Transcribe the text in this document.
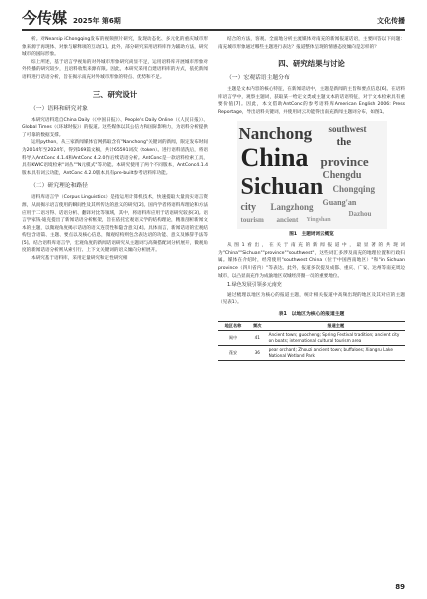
今传媒 2025年 第6期	文化传播

析。对Nearsip iChongqing发布的视频照片研究，发现动态化、多元化的重庆城市形象来源于再现体、对象与解释项的互动[1]。此外，部分研究采用语料库作为辅助方法，研究城市的国际形象。

综上所述，基于语言学视角的对外城市形象研究尚显不足，运用语料库开展城市形象对外传播的研究较少，且语料收集来源有限。因此，本研究采用自建语料库的方式，依托新闻语料进行话语分析，旨在揭示南充对外城市形象的特点、优势和不足。

三、研究设计
（一）语料和研究对象

本研究语料选自China Daily（《中国日报》）、People's Daily Online（《人民日报》）、Global Times（《环球时报》）的报道。这些媒体以其公信力和国际影响力，为语料分析提供了可靠的数据支撑。

运用python，从三家新闻媒体官网抓取含有"Nanchong"关键词的新闻，限定发布时间为2014年至2024年，得到169篇文稿，共计65591词次（token）。进行语料清洗后，将语料导入AntConc 4.1.4和AntConc 4.2.0作后续话语分析。AntConc是一款语料检索工具，具有KWIC语境检索"词丛""N元模式"等功能。本研究使用了两个不同版本，AntConc4.1.4版本具有词云功能，AntConc 4.2.0版本具有pre-built参考语料库功能。

（二）研究理论和路径

语料库语言学（Corpus Linguistics）是指运用计算机技术，快速提取大量真实语言资源，从而揭示语言使用的瞬间性及其所传达的意义的研究[2]。国内学者将语料库理论和方法应用于二语习得、话语分析、翻译对比等领域，其中，将语料库应用于话语研究较多[3]。语言学家钱·迪克提出了新闻话语分析框架，旨在依托宏观语义学的结构理论，精准剖析新闻文本的主题，以微观角度揭示话语的语义连贯性和隐含意义[4]。具体而言，新闻话语的宏观结构包含语篇、主题、要点以及核心信息，微观结构则包含表达语的功能、意义及修辞手法等[5]。结合语料库语言学，宏观角度的新闻话语研究从主题词与高频搭配词分析展开，微观角度的新闻话语分析则从索引行、上下文关键词的语义倾向分析展开。

本研究基于语料库，采用定量研究和定性研究相

结合的方法，客观、全面地分析主流媒体对南充的新闻报道话语，主要回答以下问题：南充城市形象通过哪些主题进行表达？报道整体呈现的情感态度倾向是怎样的？

四、研究结果与讨论
（一）宏观话语主题分布

主题是文本内容的核心特征，在新闻话语中，主题是新闻的主旨和要点信息[6]。在语料库语言学中，观察主题词，获取某一给定文类或主题文本的话语特征，对于文本检索具有重要价值[7]。因此，本文借助AntConc的参考语料库American English 2006: Press Reportage，导出语料关键词，并使用词云功能得出南充新闻主题词分布，如图1。

Nanchong southwest
the
China province
Chengdu
Sichuan Chongqing
city Langzhong Guang'an
Dazhou
tourism ancient Yingshan
图1　主题词词云概览

从图1看出，在关于南充的新闻报道中，最显著的共现词为"China""Sichuan""province""southwest"，这些词汇多涉及南充的地理位置和行政归属。媒体在介绍时，经常使用"southwest China（位于中国西南地区）"和"in Sichuan province（四川省内）"等表达。此外，报道多次提及成都、重庆、广安、达州等南充周边城市，以凸显南充作为成渝地区双城经济圈一员的重要地位。

1.绿色发展引领多元南充

通过梳理以地区为核心的报道主题，统计相关报道中高频出现的地区及其对应的主题（见表1）。

表1　以地区为核心的报道主题
地区名称	频次	报道主题
阆中	41	Ancient town; guocheng; Spring Festival tradition; ancient city on boats; international cultural tourism area
蓬安	36	pear orchard; Zhouzi ancient town; buffaloes; Xiangru Lake National Wetland Park
89
